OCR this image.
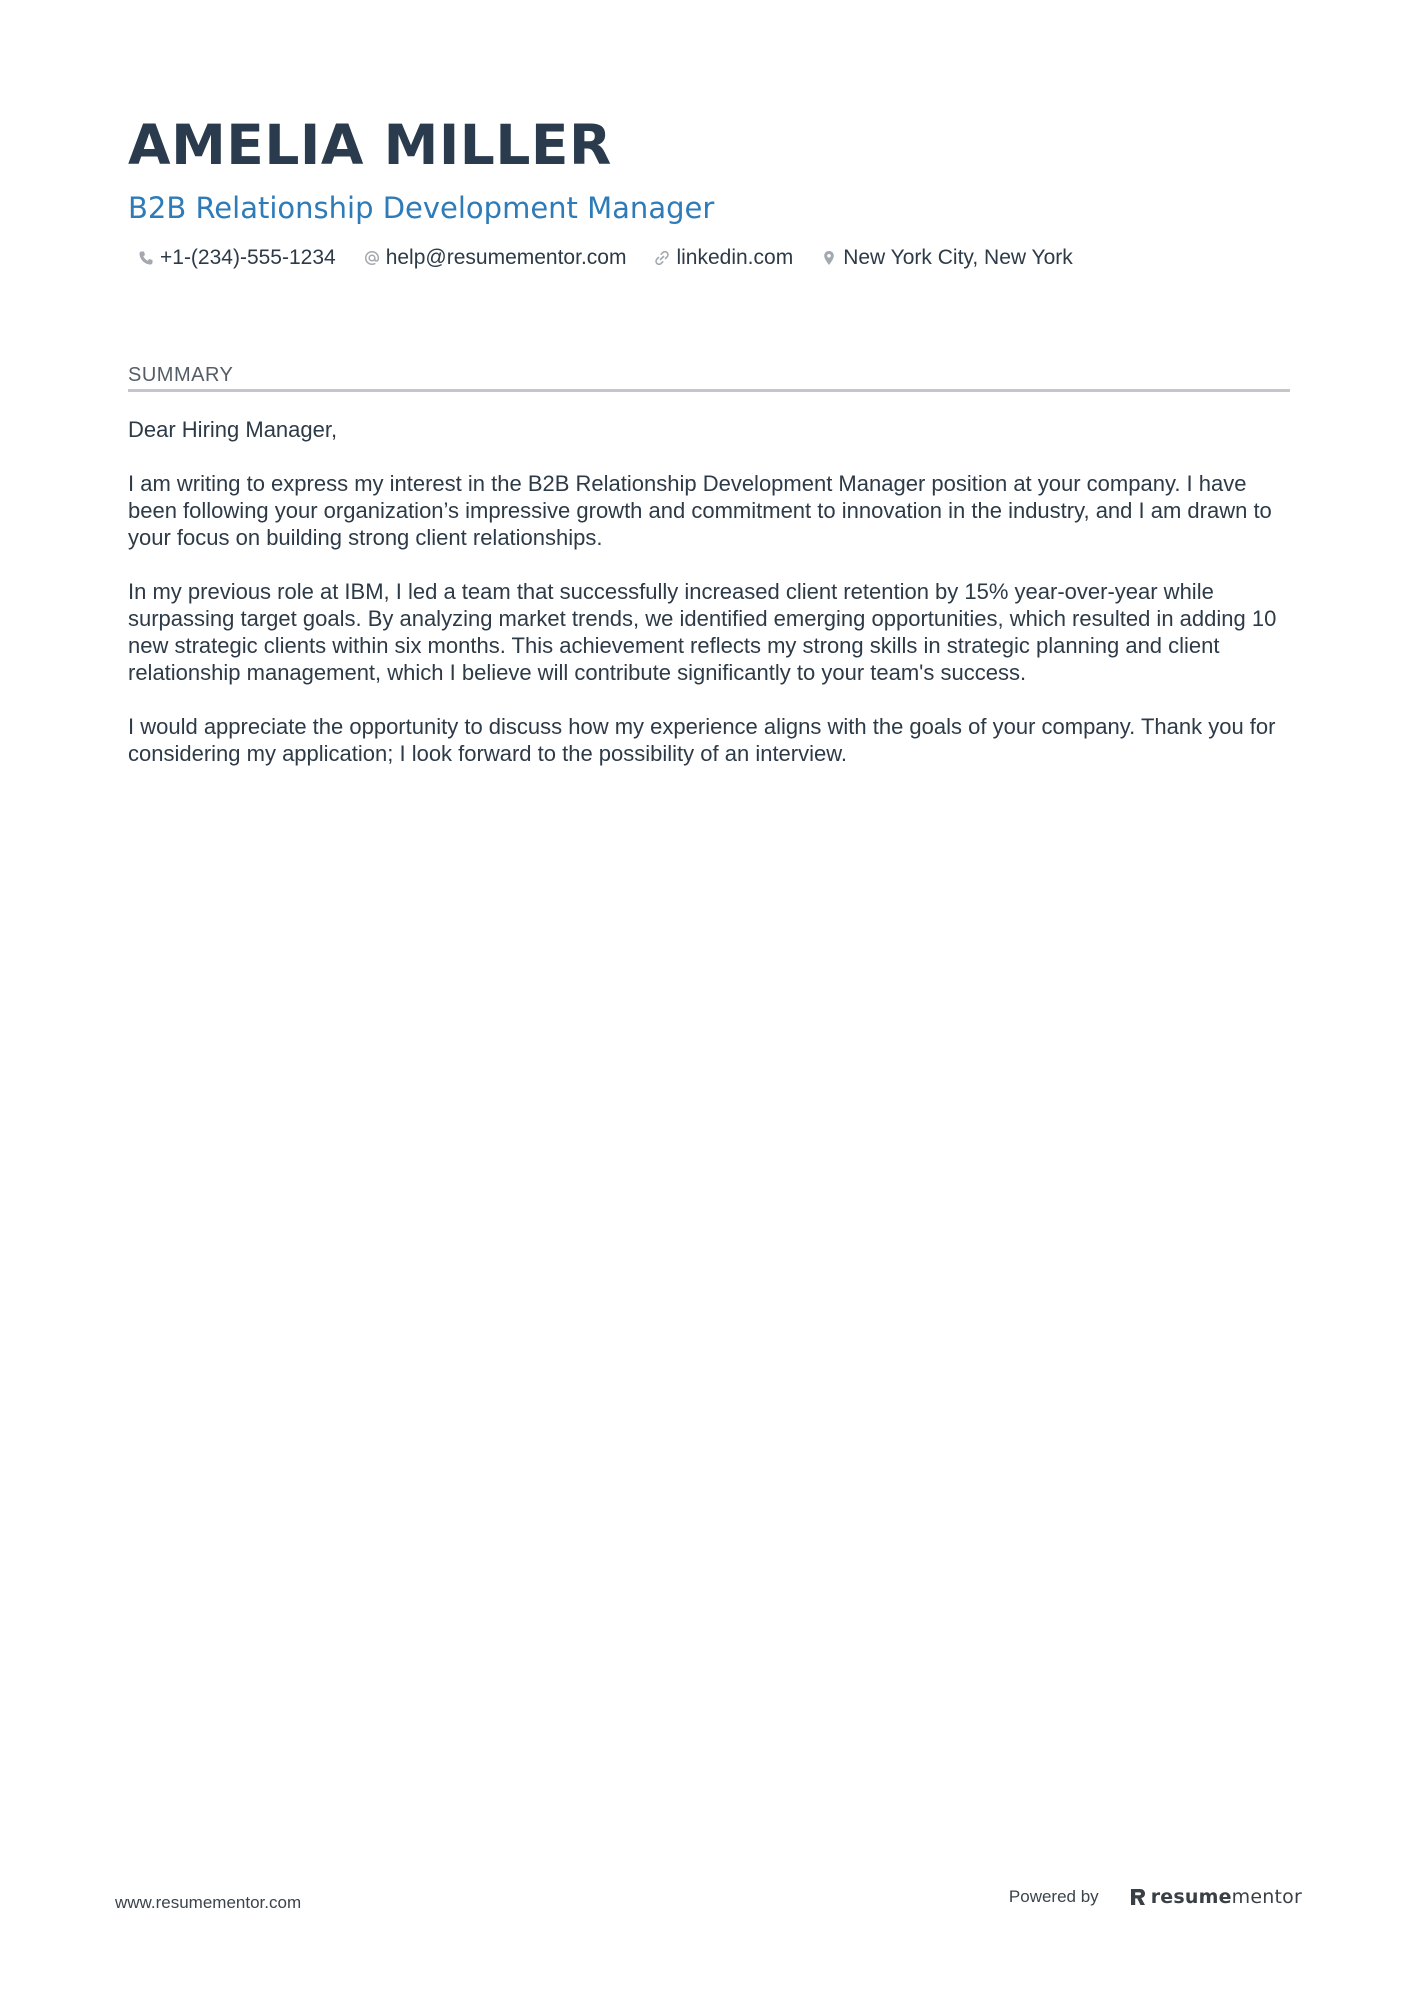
AMELIA MILLER
B2B Relationship Development Manager
+1-(234)-555-1234 help@resumementor.com linkedin.com New York City, New York
SUMMARY

Dear Hiring Manager,

I am writing to express my interest in the B2B Relationship Development Manager position at your company. I have been following your organization’s impressive growth and commitment to innovation in the industry, and I am drawn to your focus on building strong client relationships.

In my previous role at IBM, I led a team that successfully increased client retention by 15% year-over-year while surpassing target goals. By analyzing market trends, we identified emerging opportunities, which resulted in adding 10 new strategic clients within six months. This achievement reflects my strong skills in strategic planning and client relationship management, which I believe will contribute significantly to your team's success.

I would appreciate the opportunity to discuss how my experience aligns with the goals of your company. Thank you for considering my application; I look forward to the possibility of an interview.

www.resumementor.com	Powered by	resume mentor
